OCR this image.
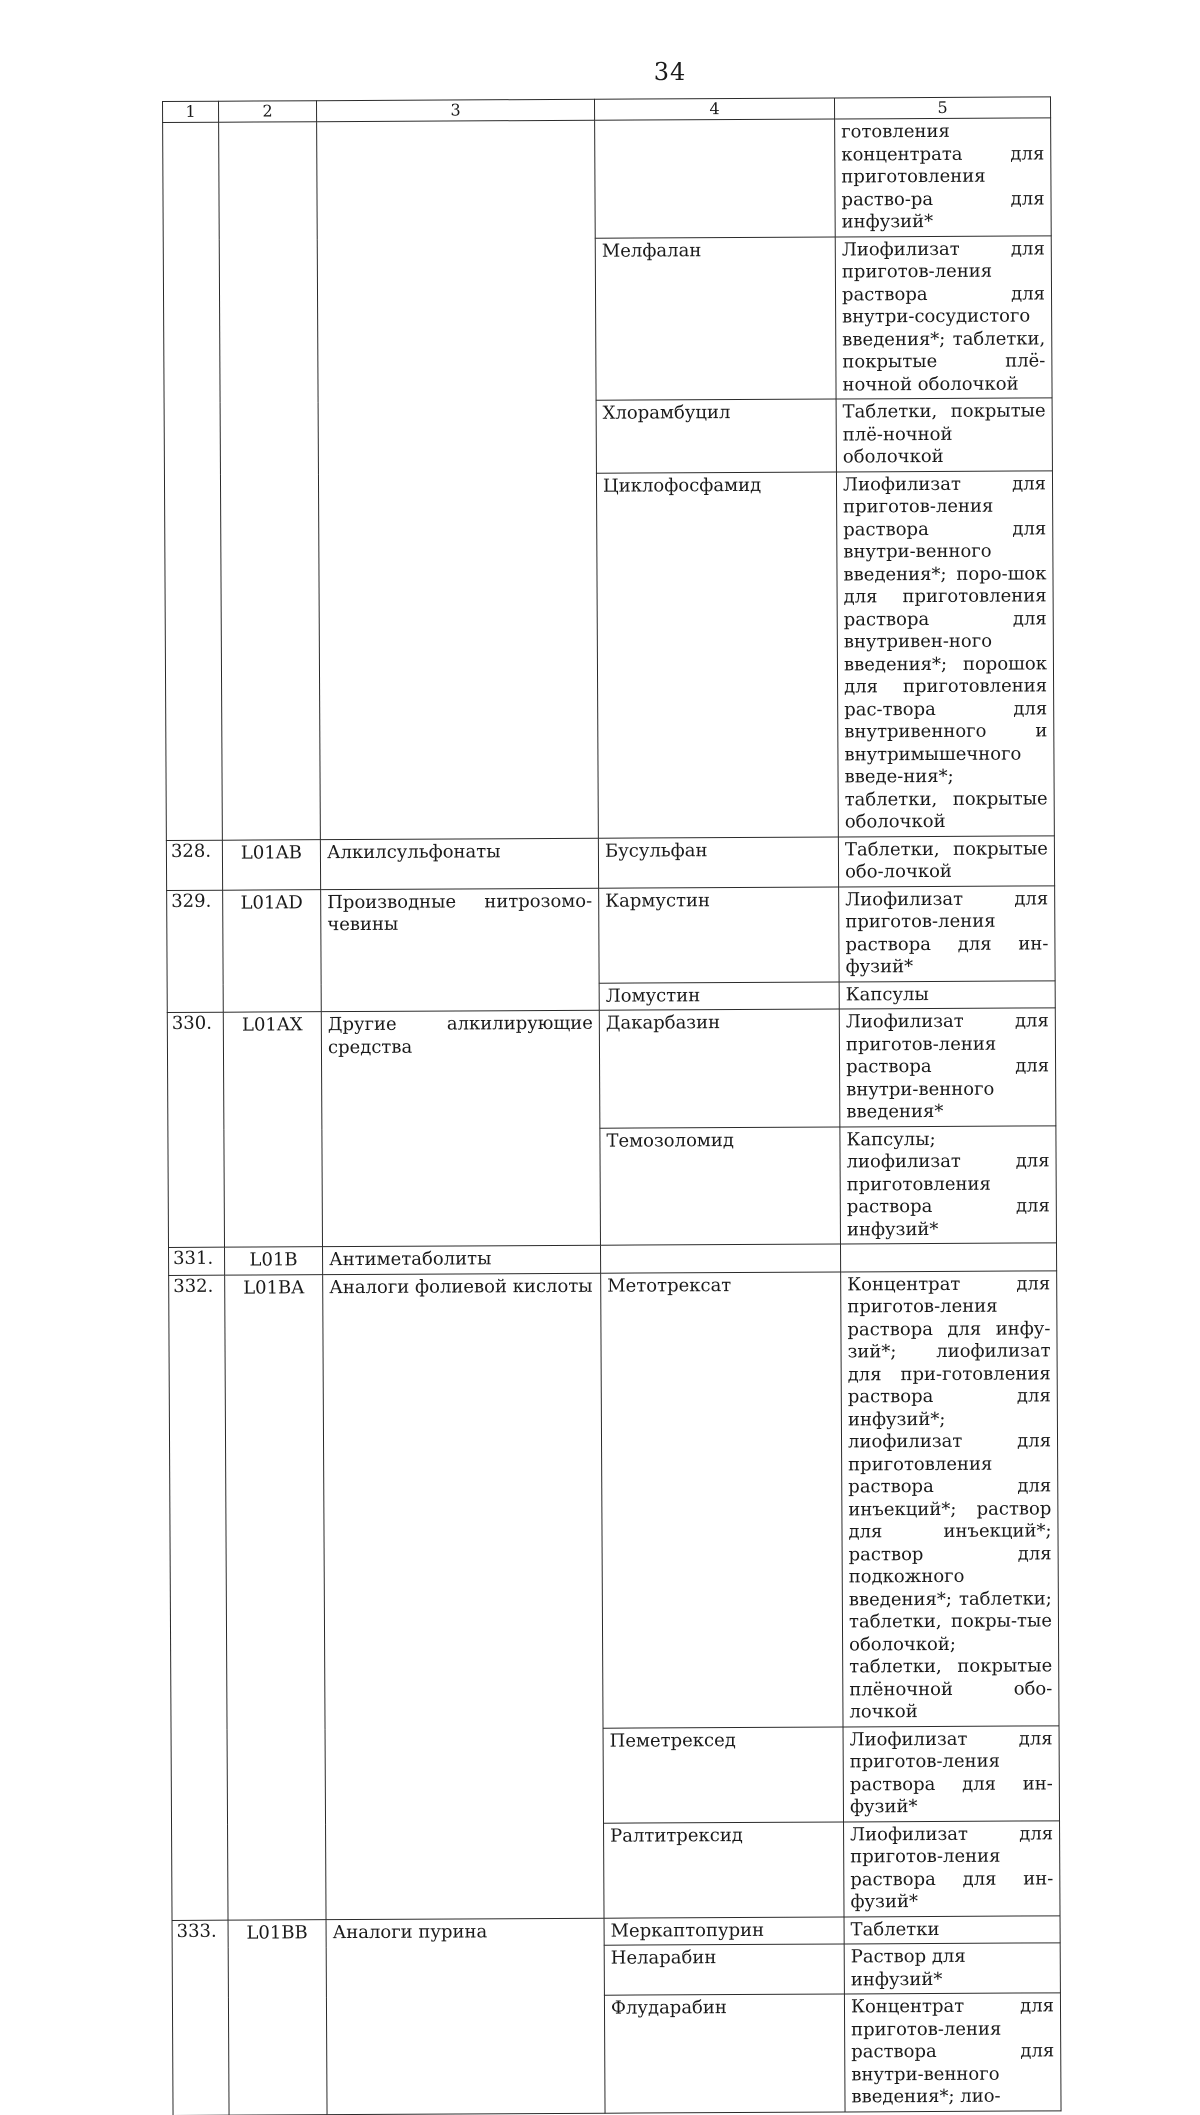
34
1	2	3	4	5
				готовления концентрата для приготовления раство-ра для инфузий*
			Мелфалан	Лиофилизат для приготов-ления раствора для внутри-сосудистого введения*; таблетки, покрытые плё-ночной оболочкой
			Хлорамбуцил	Таблетки, покрытые плё-ночной оболочкой
			Циклофосфамид	Лиофилизат для приготов-ления раствора для внутри-венного введения*; поро-шок для приготовления раствора для внутривен-ного введения*; порошок для приготовления рас-твора для внутривенного и внутримышечного введе-ния*; таблетки, покрытые оболочкой
328.	L01AB	Алкилсульфонаты	Бусульфан	Таблетки, покрытые обо-лочкой
329.	L01AD	Производные нитрозомо-чевины	Кармустин	Лиофилизат для приготов-ления раствора для ин-фузий*
			Ломустин	Капсулы
330.	L01AX	Другие алкилирующие средства	Дакарбазин	Лиофилизат для приготов-ления раствора для внутри-венного введения*
			Темозоломид	Капсулы; лиофилизат для приготовления раствора для инфузий*
331.	L01B	Антиметаболиты		
332.	L01BA	Аналоги фолиевой кислоты	Метотрексат	Концентрат для приготов-ления раствора для инфу-зий*; лиофилизат для при-готовления раствора для инфузий*; лиофилизат для приготовления раствора для инъекций*; раствор для инъекций*; раствор для подкожного введения*; таблетки; таблетки, покры-тые оболочкой; таблетки, покрытые плёночной обо-лочкой
			Пеметрексед	Лиофилизат для приготов-ления раствора для ин-фузий*
			Ралтитрексид	Лиофилизат для приготов-ления раствора для ин-фузий*
333.	L01BB	Аналоги пурина	Меркаптопурин	Таблетки
			Неларабин	Раствор для инфузий*
			Флударабин	Концентрат для приготов-ления раствора для внутри-венного введения*; лио-
